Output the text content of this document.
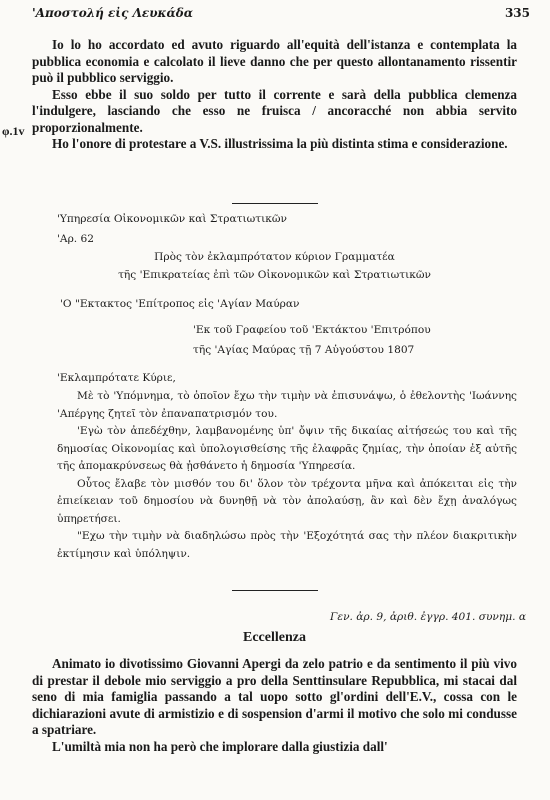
'Αποστολή εἰς Λευκάδα	335
φ.1v

Io lo ho accordato ed avuto riguardo all'equità dell'istanza e contemplata la pubblica economia e calcolato il lieve danno che per questo allontanamento rissentir può il pubblico serviggio.

Esso ebbe il suo soldo per tutto il corrente e sarà della pubblica clemenza l'indulgere, lasciando che esso ne fruisca / ancoracché non abbia servito proporzionalmente.

Ho l'onore di protestare a V.S. illustrissima la più distinta stima e considerazione.

'Υπηρεσία Οἰκονομικῶν καὶ Στρατιωτικῶν
'Αρ. 62
Πρὸς τὸν ἐκλαμπρότατον κύριον Γραμματέα
τῆς 'Επικρατείας ἐπὶ τῶν Οἰκονομικῶν καὶ Στρατιωτικῶν
'Ο "Εκτακτος 'Επίτροπος εἰς 'Αγίαν Μαύραν
'Εκ τοῦ Γραφείου τοῦ 'Εκτάκτου 'Επιτρόπου
τῆς 'Αγίας Μαύρας τῇ 7 Αὐγούστου 1807
'Εκλαμπρότατε Κύριε,

Μὲ τὸ 'Υπόμνημα, τὸ ὁποῖον ἔχω τὴν τιμὴν νὰ ἐπισυνάψω, ὁ ἐθελοντὴς 'Ιωάννης 'Απέργης ζητεῖ τὸν ἐπαναπατρισμόν του.

'Εγὼ τὸν ἀπεδέχθην, λαμβανομένης ὑπ' ὄψιν τῆς δικαίας αἰτήσεώς του καὶ τῆς δημοσίας Οἰκονομίας καὶ ὑπολογισθείσης τῆς ἐλαφρᾶς ζημίας, τὴν ὁποίαν ἐξ αὐτῆς τῆς ἀπομακρύνσεως θὰ ᾐσθάνετο ἡ δημοσία 'Υπηρεσία.

Οὗτος ἔλαβε τὸν μισθόν του δι' ὅλον τὸν τρέχοντα μῆνα καὶ ἀπόκειται εἰς τὴν ἐπιείκειαν τοῦ δημοσίου νὰ δυνηθῇ νὰ τὸν ἀπολαύσῃ, ἂν καὶ δὲν ἔχῃ ἀναλόγως ὑπηρετήσει.

"Εχω τὴν τιμὴν νὰ διαδηλώσω πρὸς τὴν 'Εξοχότητά σας τὴν πλέον διακριτικὴν ἐκτίμησιν καὶ ὑπόληψιν.

Γεν. ἀρ. 9, ἀριθ. ἐγγρ. 401. συνημ. α
Eccellenza

Animato io divotissimo Giovanni Apergi da zelo patrio e da sentimento il più vivo di prestar il debole mio serviggio a pro della Senttinsulare Repubblica, mi stacai dal seno di mia famiglia passando a tal uopo sotto gl'ordini dell'E.V., cossa con le dichiarazioni avute di armistizio e di sospension d'armi il motivo che solo mi condusse a spatriare.

L'umiltà mia non ha però che implorare dalla giustizia dall'
